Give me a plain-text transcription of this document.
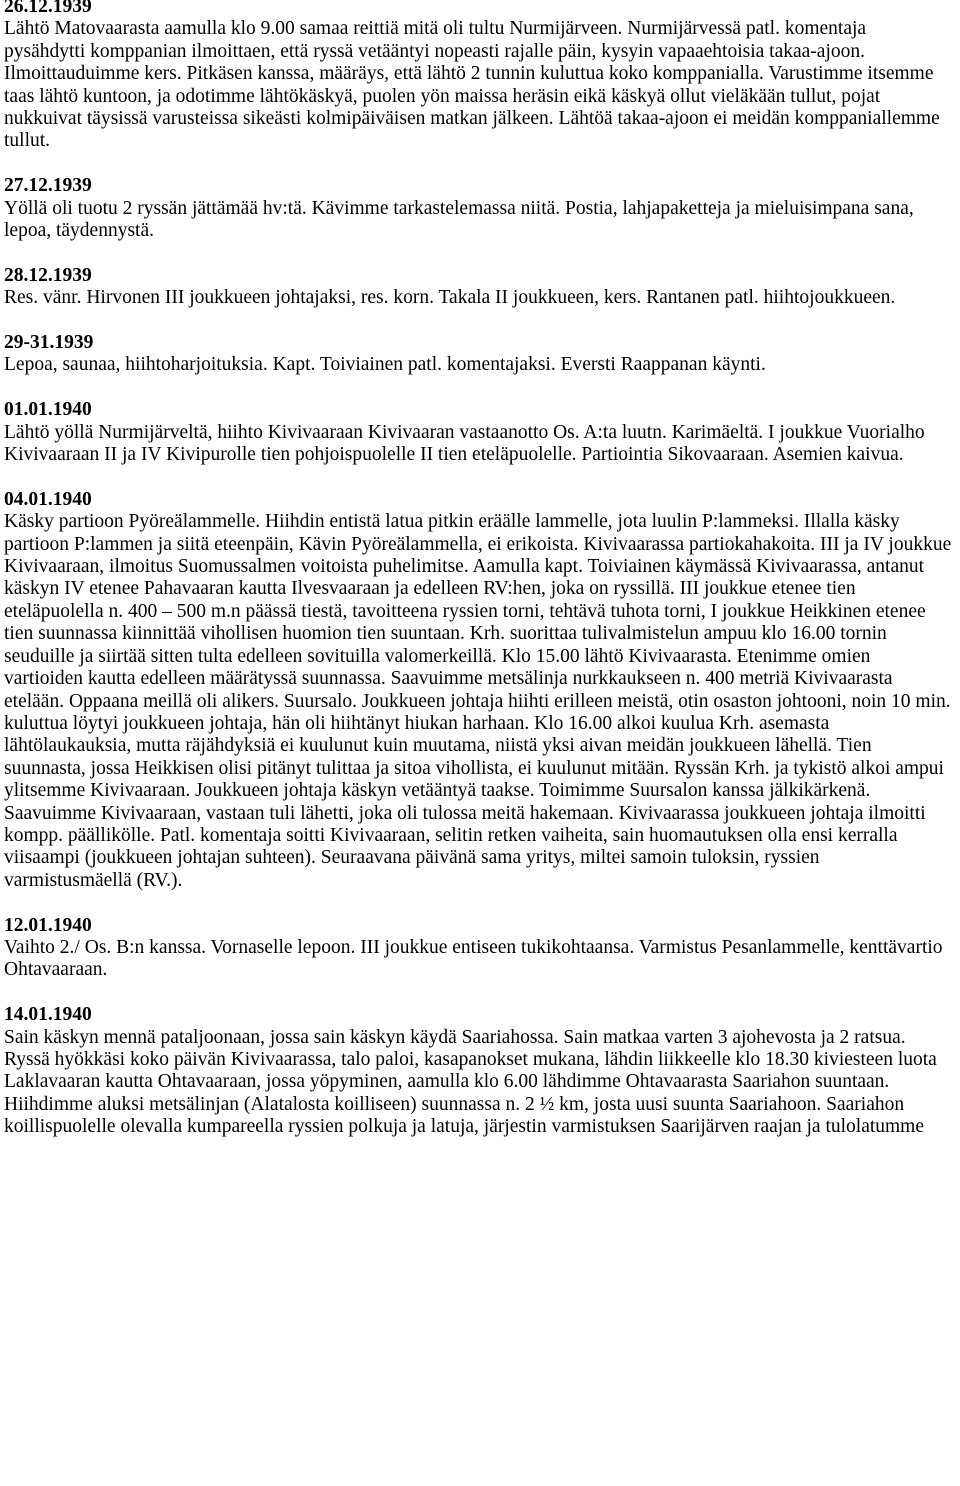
26.12.1939
Lähtö Matovaarasta aamulla klo 9.00 samaa reittiä mitä oli tultu Nurmijärveen. Nurmijärvessä patl. komentaja pysähdytti komppanian ilmoittaen, että ryssä vetääntyi nopeasti rajalle päin, kysyin vapaaehtoisia takaa-ajoon. Ilmoittauduimme kers. Pitkäsen kanssa, määräys, että lähtö 2 tunnin kuluttua koko komppanialla. Varustimme itsemme taas lähtö kuntoon, ja odotimme lähtökäskyä, puolen yön maissa heräsin eikä käskyä ollut vieläkään tullut, pojat nukkuivat täysissä varusteissa sikeästi kolmipäiväisen matkan jälkeen. Lähtöä takaa-ajoon ei meidän komppaniallemme tullut.
27.12.1939
Yöllä oli tuotu 2 ryssän jättämää hv:tä. Kävimme tarkastelemassa niitä. Postia, lahjapaketteja ja mieluisimpana sana, lepoa, täydennystä.
28.12.1939
Res. vänr. Hirvonen III joukkueen johtajaksi, res. korn. Takala II joukkueen, kers. Rantanen patl. hiihtojoukkueen.
29-31.1939
Lepoa, saunaa, hiihtoharjoituksia. Kapt. Toiviainen patl. komentajaksi. Eversti Raappanan käynti.
01.01.1940
Lähtö yöllä Nurmijärveltä, hiihto Kivivaaraan Kivivaaran vastaanotto Os. A:ta luutn. Karimäeltä. I joukkue Vuorialho Kivivaaraan II ja IV Kivipurolle tien pohjoispuolelle II tien eteläpuolelle. Partiointia Sikovaaraan. Asemien kaivua.
04.01.1940
Käsky partioon Pyöreälammelle. Hiihdin entistä latua pitkin eräälle lammelle, jota luulin P:lammeksi. Illalla käsky partioon P:lammen ja siitä eteenpäin, Kävin Pyöreälammella, ei erikoista. Kivivaarassa partiokahakoita. III ja IV joukkue Kivivaaraan, ilmoitus Suomussalmen voitoista puhelimitse. Aamulla kapt. Toiviainen käymässä Kivivaarassa, antanut käskyn IV etenee Pahavaaran kautta Ilvesvaaraan ja edelleen RV:hen, joka on ryssillä. III joukkue etenee tien eteläpuolella n. 400 – 500 m.n päässä tiestä, tavoitteena ryssien torni, tehtävä tuhota torni, I joukkue Heikkinen etenee tien suunnassa kiinnittää vihollisen huomion tien suuntaan. Krh. suorittaa tulivalmistelun ampuu klo 16.00 tornin seuduille ja siirtää sitten tulta edelleen sovituilla valomerkeillä. Klo 15.00 lähtö Kivivaarasta. Etenimme omien vartioiden kautta edelleen määrätyssä suunnassa. Saavuimme metsälinja nurkkaukseen n. 400 metriä Kivivaarasta etelään. Oppaana meillä oli alikers. Suursalo. Joukkueen johtaja hiihti erilleen meistä, otin osaston johtooni, noin 10 min. kuluttua löytyi joukkueen johtaja, hän oli hiihtänyt hiukan harhaan. Klo 16.00 alkoi kuulua Krh. asemasta lähtölaukauksia, mutta räjähdyksiä ei kuulunut kuin muutama, niistä yksi aivan meidän joukkueen lähellä. Tien suunnasta, jossa Heikkisen olisi pitänyt tulittaa ja sitoa vihollista, ei kuulunut mitään. Ryssän Krh. ja tykistö alkoi ampui ylitsemme Kivivaaraan. Joukkueen johtaja käskyn vetääntyä taakse. Toimimme Suursalon kanssa jälkikärkenä. Saavuimme Kivivaaraan, vastaan tuli lähetti, joka oli tulossa meitä hakemaan. Kivivaarassa joukkueen johtaja ilmoitti kompp. päällikölle. Patl. komentaja soitti Kivivaaraan, selitin retken vaiheita, sain huomautuksen olla ensi kerralla viisaampi (joukkueen johtajan suhteen). Seuraavana päivänä sama yritys, miltei samoin tuloksin, ryssien varmistusmäellä (RV.).
12.01.1940
Vaihto 2./ Os. B:n kanssa. Vornaselle lepoon. III joukkue entiseen tukikohtaansa. Varmistus Pesanlammelle, kenttävartio Ohtavaaraan.
14.01.1940
Sain käskyn mennä pataljoonaan, jossa sain käskyn käydä Saariahossa. Sain matkaa varten 3 ajohevosta ja 2 ratsua. Ryssä hyökkäsi koko päivän Kivivaarassa, talo paloi, kasapanokset mukana, lähdin liikkeelle klo 18.30 kiviesteen luota Laklavaaran kautta Ohtavaaraan, jossa yöpyminen, aamulla klo 6.00 lähdimme Ohtavaarasta Saariahon suuntaan. Hiihdimme aluksi metsälinjan (Alatalosta koilliseen) suunnassa n. 2 ½ km, josta uusi suunta Saariahoon. Saariahon koillispuolelle olevalla kumpareella ryssien polkuja ja latuja, järjestin varmistuksen Saarijärven raajan ja tulolatumme
